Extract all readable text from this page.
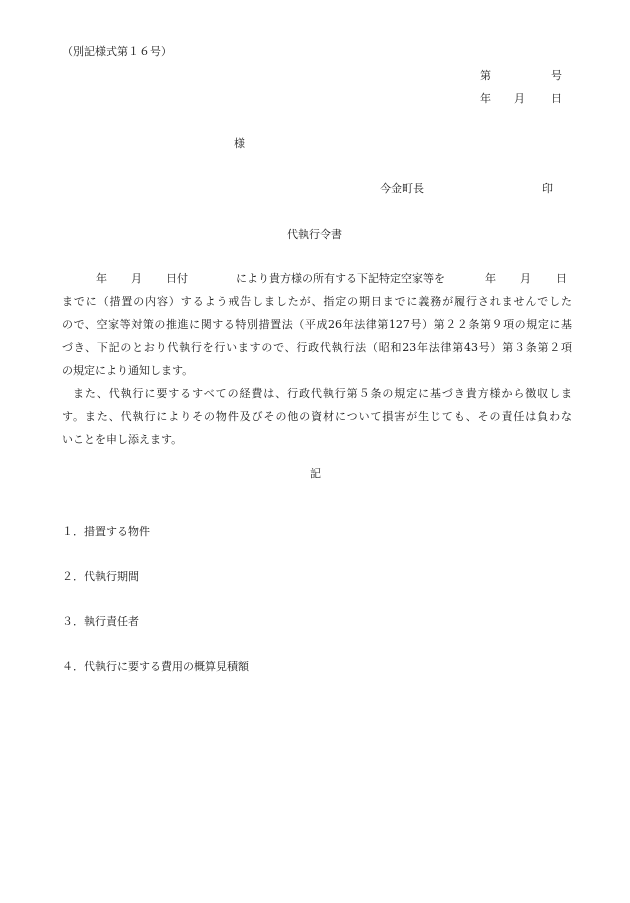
（別記様式第１６号）
第	号
年 月 日
様
今金町長	印
代執行令書
年 月 日付	により貴方様の所有する下記特定空家等を	年 月 日
までに（措置の内容）するよう戒告しましたが、指定の期日までに義務が履行されませんでした
ので、空家等対策の推進に関する特別措置法（平成26年法律第127号）第２２条第９項の規定に基
づき、下記のとおり代執行を行いますので、行政代執行法（昭和23年法律第43号）第３条第２項
の規定により通知します。
また、代執行に要するすべての経費は、行政代執行第５条の規定に基づき貴方様から徴収しま
す。また、代執行によりその物件及びその他の資材について損害が生じても、その責任は負わな
いことを申し添えます。
記
１．措置する物件
２．代執行期間
３．執行責任者
４．代執行に要する費用の概算見積額
